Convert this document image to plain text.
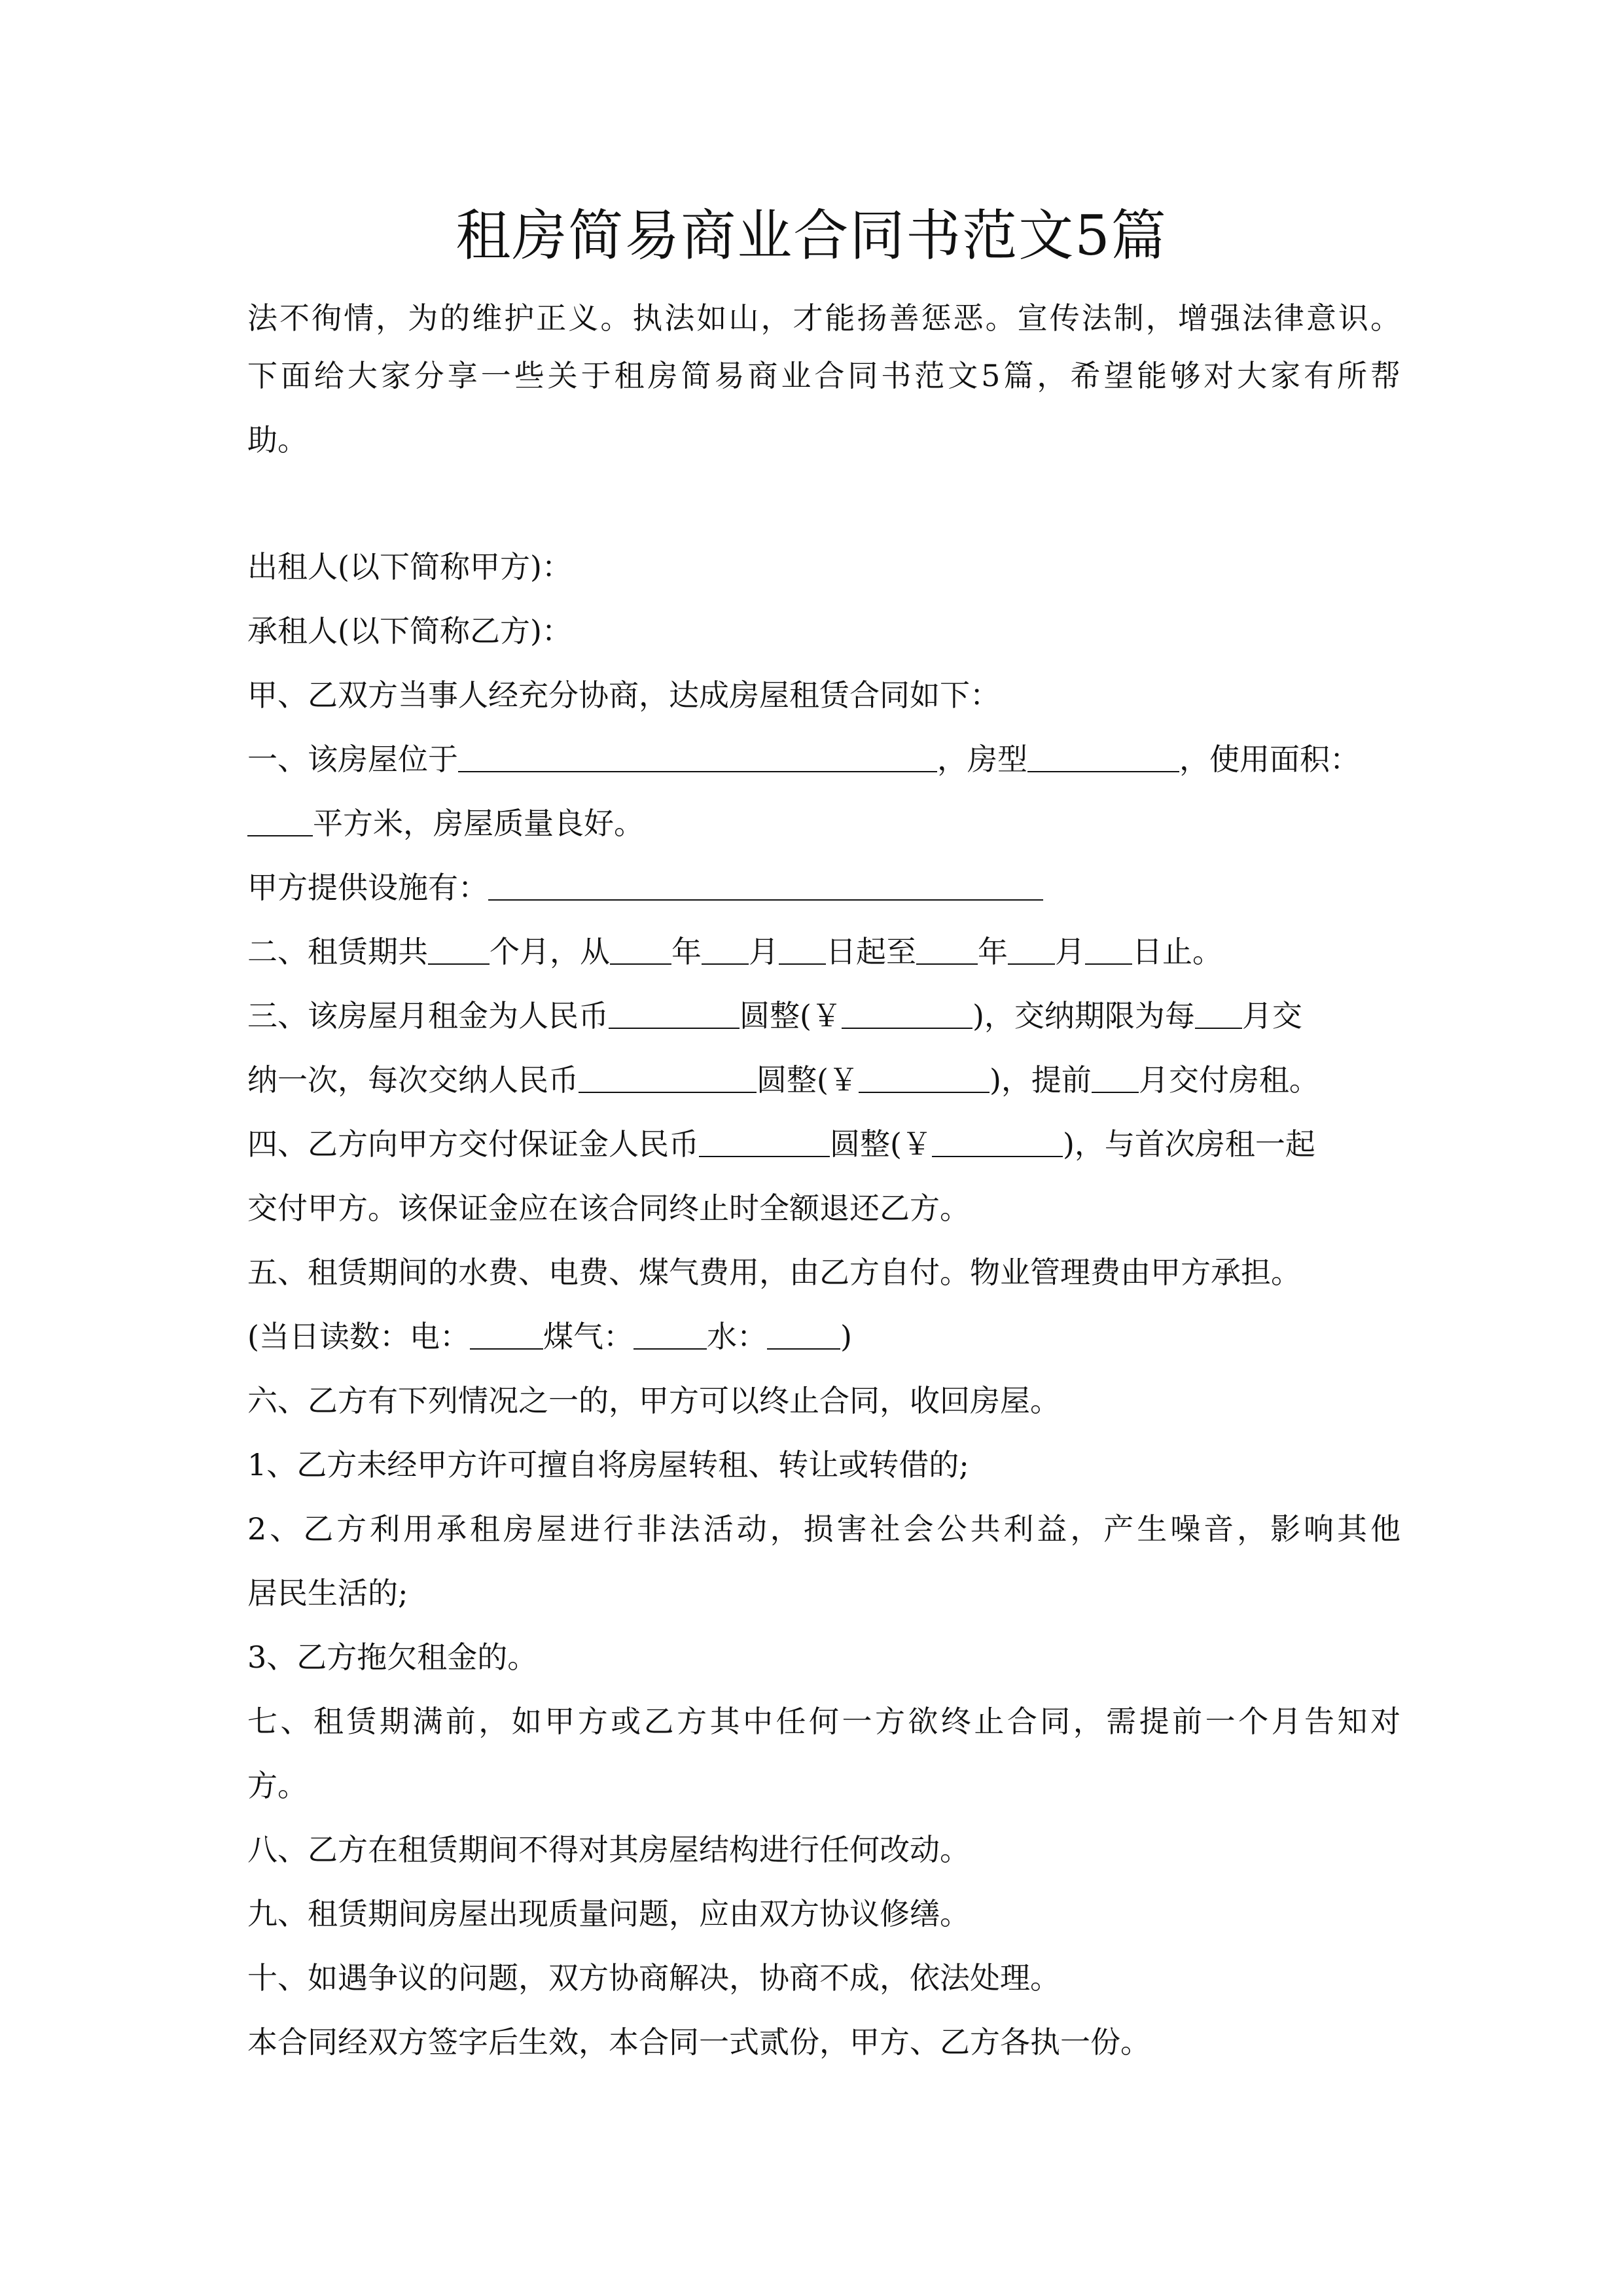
租房简易商业合同书范文5篇
法不徇情，为的维护正义。执法如山，才能扬善惩恶。宣传法制，增强法律意识。
下面给大家分享一些关于租房简易商业合同书范文5篇，希望能够对大家有所帮
助。
出租人(以下简称甲方)：
承租人(以下简称乙方)：
甲、乙双方当事人经充分协商，达成房屋租赁合同如下：
一、该房屋位于	，房型	，使用面积：
平方米，房屋质量良好。
甲方提供设施有：
二、租赁期共 个月，从 年 月 日起至 年 月 日止。
三、该房屋月租金为人民币	圆整(￥	)，交纳期限为每 月交
纳一次，每次交纳人民币	圆整(￥	)，提前 月交付房租。
四、乙方向甲方交付保证金人民币	圆整(￥	)，与首次房租一起
交付甲方。该保证金应在该合同终止时全额退还乙方。
五、租赁期间的水费、电费、煤气费用，由乙方自付。物业管理费由甲方承担。
(当日读数：电： 煤气： 水： )
六、乙方有下列情况之一的，甲方可以终止合同，收回房屋。
1、乙方未经甲方许可擅自将房屋转租、转让或转借的;
2、乙方利用承租房屋进行非法活动，损害社会公共利益，产生噪音，影响其他
居民生活的;
3、乙方拖欠租金的。
七、租赁期满前，如甲方或乙方其中任何一方欲终止合同，需提前一个月告知对
方。
八、乙方在租赁期间不得对其房屋结构进行任何改动。
九、租赁期间房屋出现质量问题，应由双方协议修缮。
十、如遇争议的问题，双方协商解决，协商不成，依法处理。
本合同经双方签字后生效，本合同一式贰份，甲方、乙方各执一份。
